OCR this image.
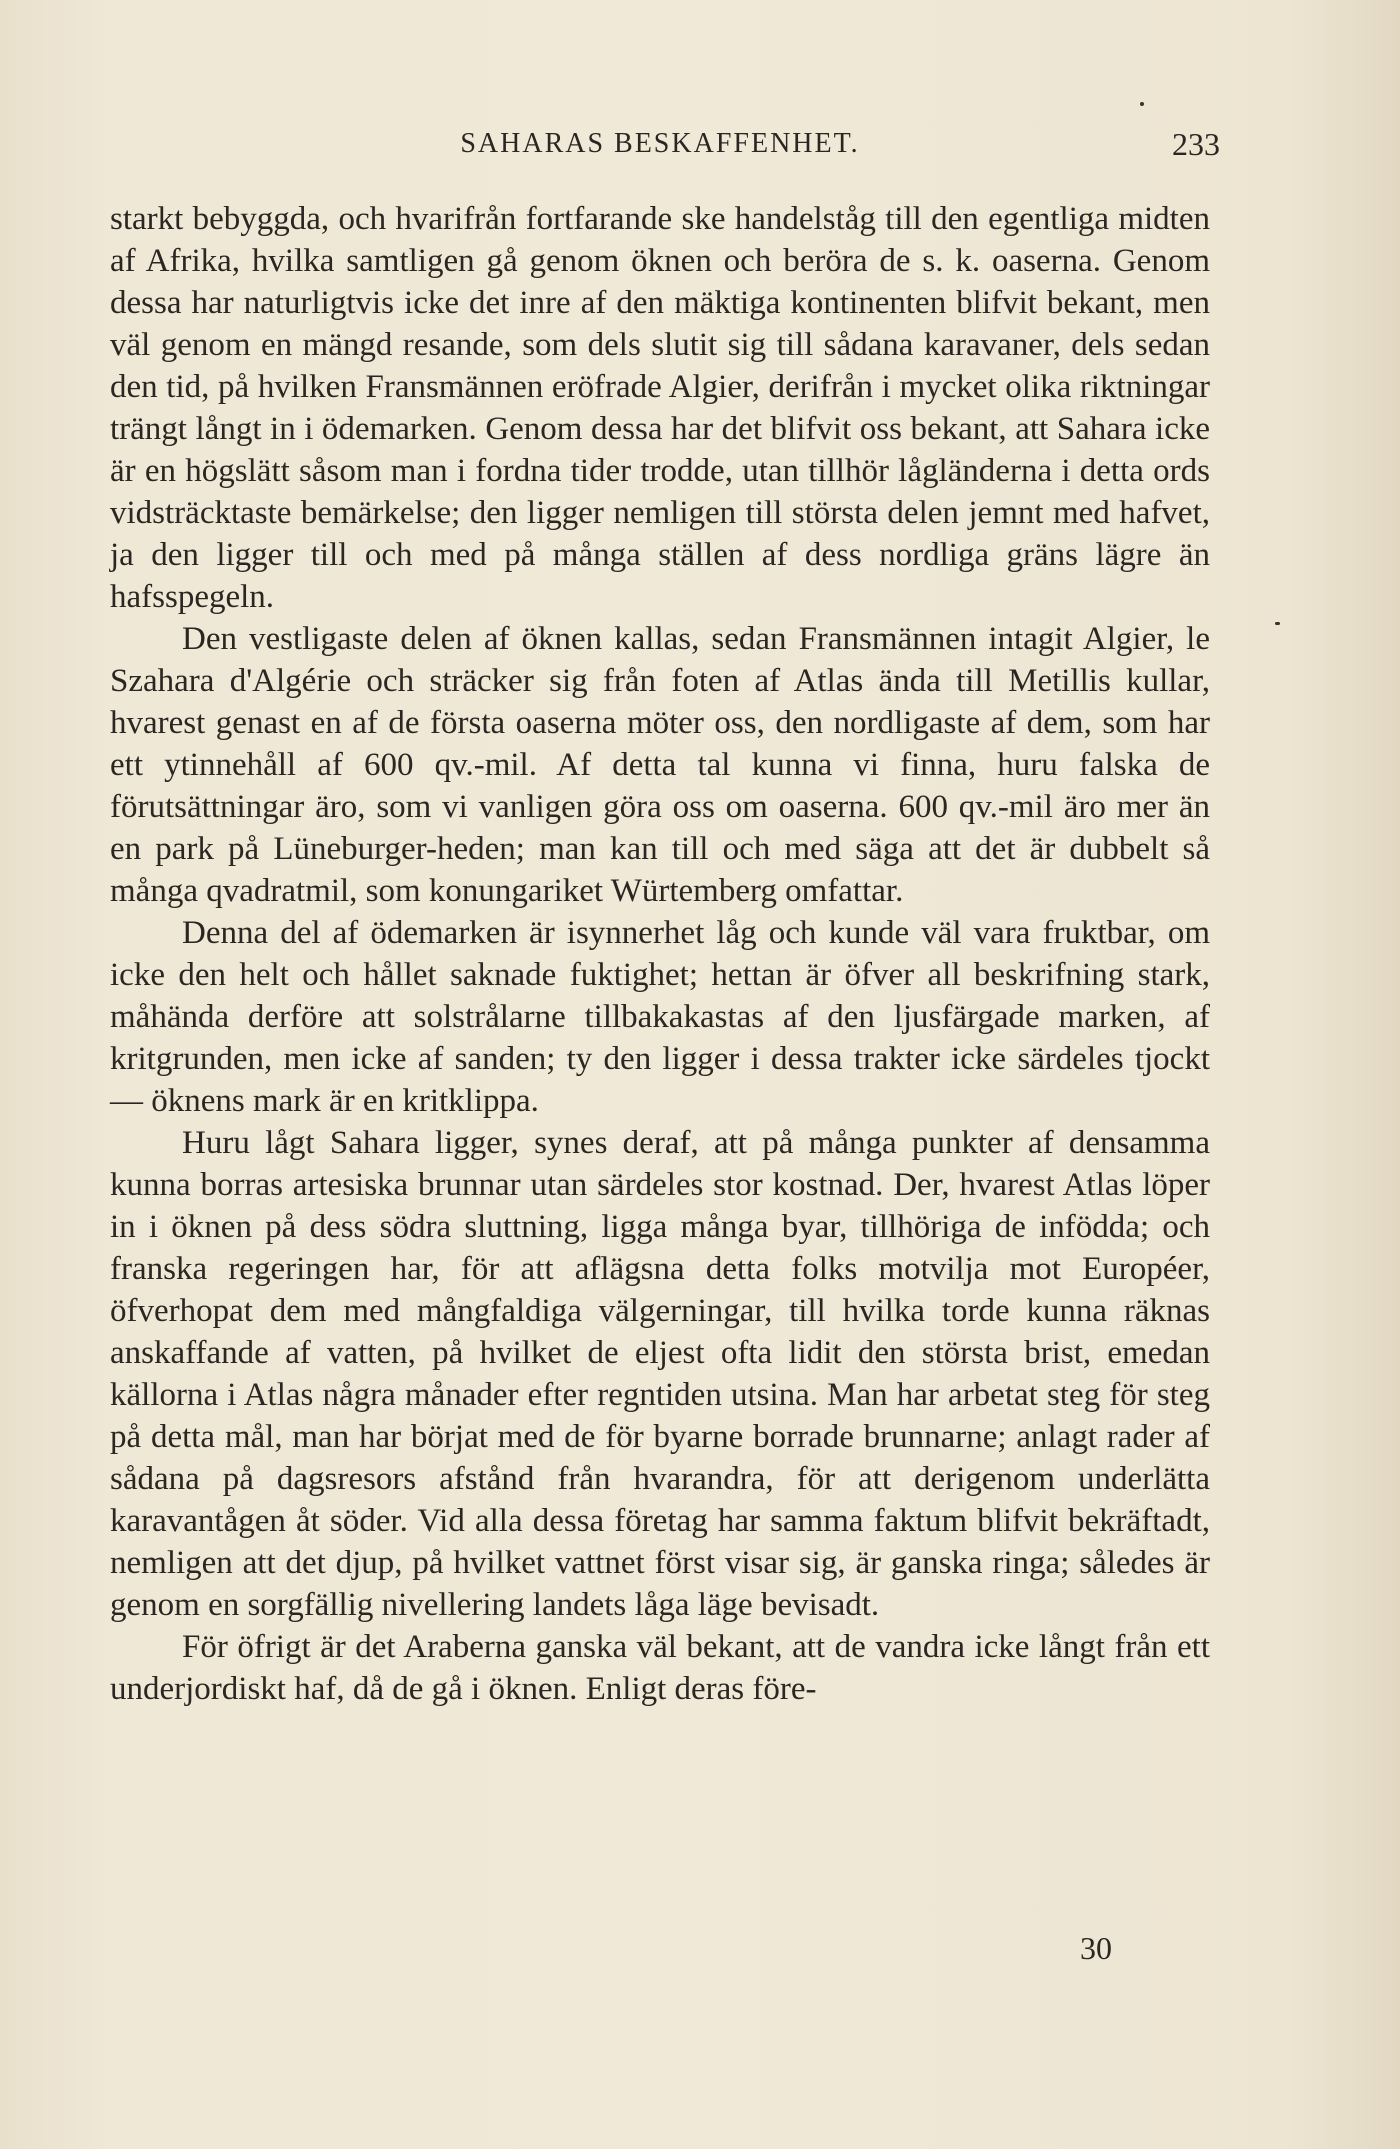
SAHARAS BESKAFFENHET.	233

starkt bebyggda, och hvarifrån fortfarande ske handelståg till den egentliga midten af Afrika, hvilka samtligen gå genom öknen och beröra de s. k. oaserna. Genom dessa har naturligtvis icke det inre af den mäktiga kontinenten blifvit bekant, men väl genom en mängd resande, som dels slutit sig till sådana karavaner, dels sedan den tid, på hvilken Fransmännen eröfrade Algier, derifrån i mycket olika riktningar trängt långt in i ödemarken. Genom dessa har det blifvit oss bekant, att Sahara icke är en högslätt såsom man i fordna tider trodde, utan tillhör lågländerna i detta ords vidsträcktaste bemärkelse; den ligger nemligen till största delen jemnt med hafvet, ja den ligger till och med på många ställen af dess nordliga gräns lägre än hafsspegeln.

Den vestligaste delen af öknen kallas, sedan Fransmännen intagit Algier, le Szahara d'Algérie och sträcker sig från foten af Atlas ända till Metillis kullar, hvarest genast en af de första oaserna möter oss, den nordligaste af dem, som har ett ytinnehåll af 600 qv.-mil. Af detta tal kunna vi finna, huru falska de förutsättningar äro, som vi vanligen göra oss om oaserna. 600 qv.-mil äro mer än en park på Lüneburger-heden; man kan till och med säga att det är dubbelt så många qvadratmil, som konungariket Würtemberg omfattar.

Denna del af ödemarken är isynnerhet låg och kunde väl vara fruktbar, om icke den helt och hållet saknade fuktighet; hettan är öfver all beskrifning stark, måhända derföre att solstrålarne tillbakakastas af den ljusfärgade marken, af kritgrunden, men icke af sanden; ty den ligger i dessa trakter icke särdeles tjockt — öknens mark är en kritklippa.

Huru lågt Sahara ligger, synes deraf, att på många punkter af densamma kunna borras artesiska brunnar utan särdeles stor kostnad. Der, hvarest Atlas löper in i öknen på dess södra sluttning, ligga många byar, tillhöriga de infödda; och franska regeringen har, för att aflägsna detta folks motvilja mot Européer, öfverhopat dem med mångfaldiga välgerningar, till hvilka torde kunna räknas anskaffande af vatten, på hvilket de eljest ofta lidit den största brist, emedan källorna i Atlas några månader efter regntiden utsina. Man har arbetat steg för steg på detta mål, man har börjat med de för byarne borrade brunnarne; anlagt rader af sådana på dagsresors afstånd från hvarandra, för att derigenom underlätta karavantågen åt söder. Vid alla dessa företag har samma faktum blifvit bekräftadt, nemligen att det djup, på hvilket vattnet först visar sig, är ganska ringa; således är genom en sorgfällig nivellering landets låga läge bevisadt.

För öfrigt är det Araberna ganska väl bekant, att de vandra icke långt från ett underjordiskt haf, då de gå i öknen. Enligt deras före-

30
